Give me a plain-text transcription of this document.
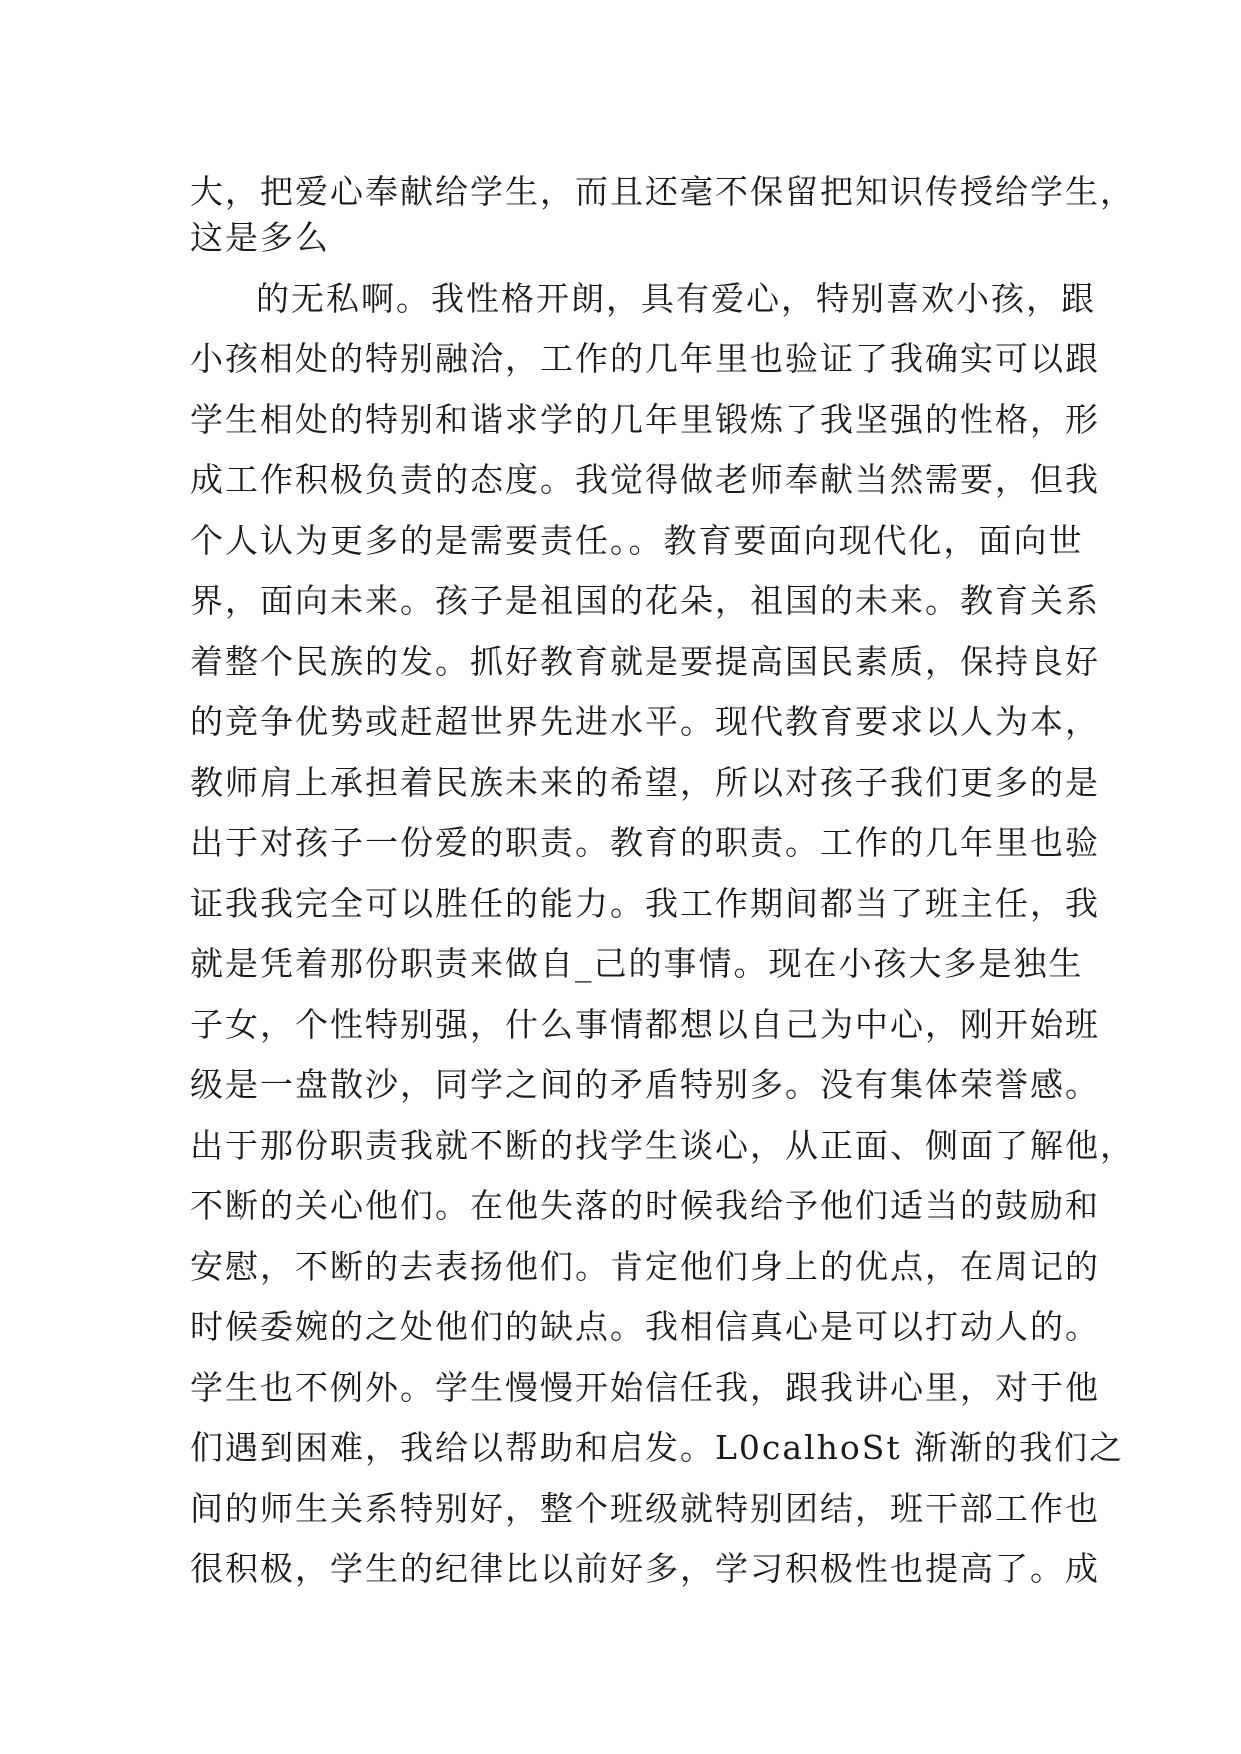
大，把爱心奉献给学生，而且还毫不保留把知识传授给学生，
这是多么
的无私啊。我性格开朗，具有爱心，特别喜欢小孩，跟
小孩相处的特别融洽，工作的几年里也验证了我确实可以跟
学生相处的特别和谐求学的几年里锻炼了我坚强的性格，形
成工作积极负责的态度。我觉得做老师奉献当然需要，但我
个人认为更多的是需要责任。。教育要面向现代化，面向世
界，面向未来。孩子是祖国的花朵，祖国的未来。教育关系
着整个民族的发。抓好教育就是要提高国民素质，保持良好
的竞争优势或赶超世界先进水平。现代教育要求以人为本，
教师肩上承担着民族未来的希望，所以对孩子我们更多的是
出于对孩子一份爱的职责。教育的职责。工作的几年里也验
证我我完全可以胜任的能力。我工作期间都当了班主任，我
就是凭着那份职责来做自_己的事情。现在小孩大多是独生
子女，个性特别强，什么事情都想以自己为中心，刚开始班
级是一盘散沙，同学之间的矛盾特别多。没有集体荣誉感。
出于那份职责我就不断的找学生谈心，从正面、侧面了解他，
不断的关心他们。在他失落的时候我给予他们适当的鼓励和
安慰，不断的去表扬他们。肯定他们身上的优点，在周记的
时候委婉的之处他们的缺点。我相信真心是可以打动人的。
学生也不例外。学生慢慢开始信任我，跟我讲心里，对于他
们遇到困难，我给以帮助和启发。L0calhoSt 渐渐的我们之
间的师生关系特别好，整个班级就特别团结，班干部工作也
很积极，学生的纪律比以前好多，学习积极性也提高了。成
